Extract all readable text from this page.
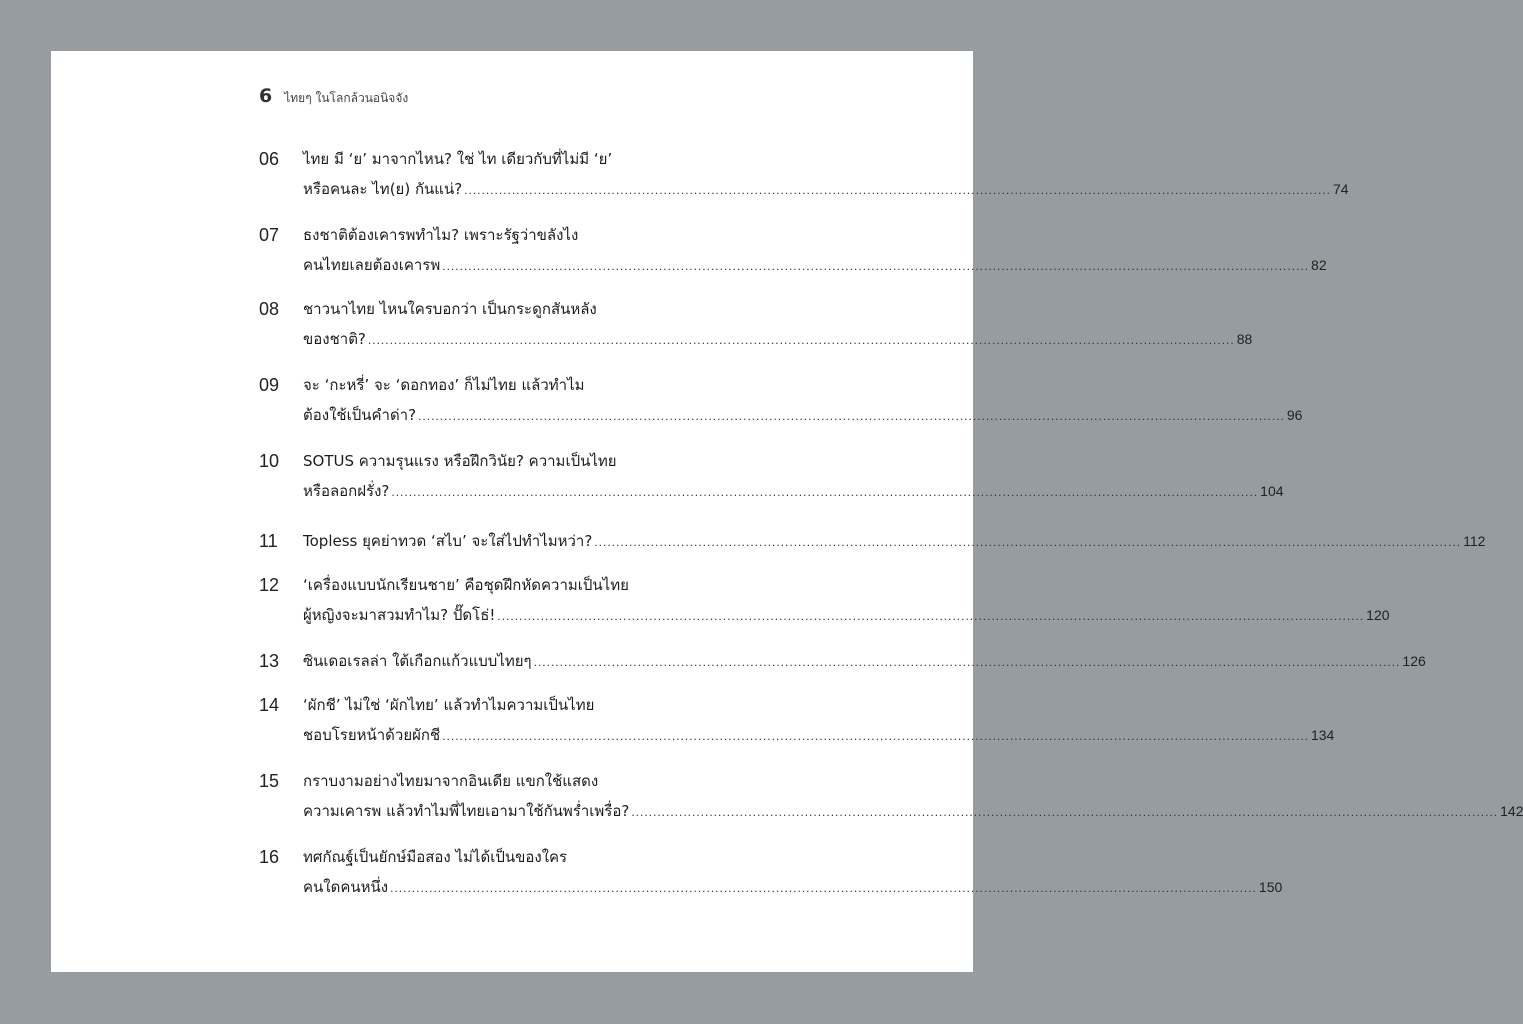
6 ไทยๆ ในโลกล้วนอนิจจัง
06	ไทย มี ‘ย’ มาจากไหน? ใช่ ไท เดียวกับที่ไม่มี ‘ย’
หรือคนละ ไท(ย) กันแน่? ........................................................................................................................................................................................................ 74
07	ธงชาติต้องเคารพทำไม? เพราะรัฐว่าขลังไง
คนไทยเลยต้องเคารพ ........................................................................................................................................................................................................ 82
08	ชาวนาไทย ไหนใครบอกว่า เป็นกระดูกสันหลัง
ของชาติ? ........................................................................................................................................................................................................ 88
09	จะ ‘กะหรี่’ จะ ‘ดอกทอง’ ก็ไม่ไทย แล้วทำไม
ต้องใช้เป็นคำด่า? ........................................................................................................................................................................................................ 96
10	SOTUS ความรุนแรง หรือฝึกวินัย? ความเป็นไทย
หรือลอกฝรั่ง? ........................................................................................................................................................................................................ 104
11	Topless ยุคย่าทวด ‘สไบ’ จะใส่ไปทำไมหว่า? ........................................................................................................................................................................................................ 112
12	‘เครื่องแบบนักเรียนชาย’ คือชุดฝึกหัดความเป็นไทย
ผู้หญิงจะมาสวมทำไม? ปั๊ดโธ่! ........................................................................................................................................................................................................ 120
13	ซินเดอเรลล่า ใต้เกือกแก้วแบบไทยๆ ........................................................................................................................................................................................................ 126
14	‘ผักชี’ ไม่ใช่ ‘ผักไทย’ แล้วทำไมความเป็นไทย
ชอบโรยหน้าด้วยผักชี ........................................................................................................................................................................................................ 134
15	กราบงามอย่างไทยมาจากอินเดีย แขกใช้แสดง
ความเคารพ แล้วทำไมพี่ไทยเอามาใช้กันพร่ำเพรื่อ? ........................................................................................................................................................................................................ 142
16	ทศกัณฐ์เป็นยักษ์มือสอง ไม่ได้เป็นของใคร
คนใดคนหนึ่ง ........................................................................................................................................................................................................ 150
